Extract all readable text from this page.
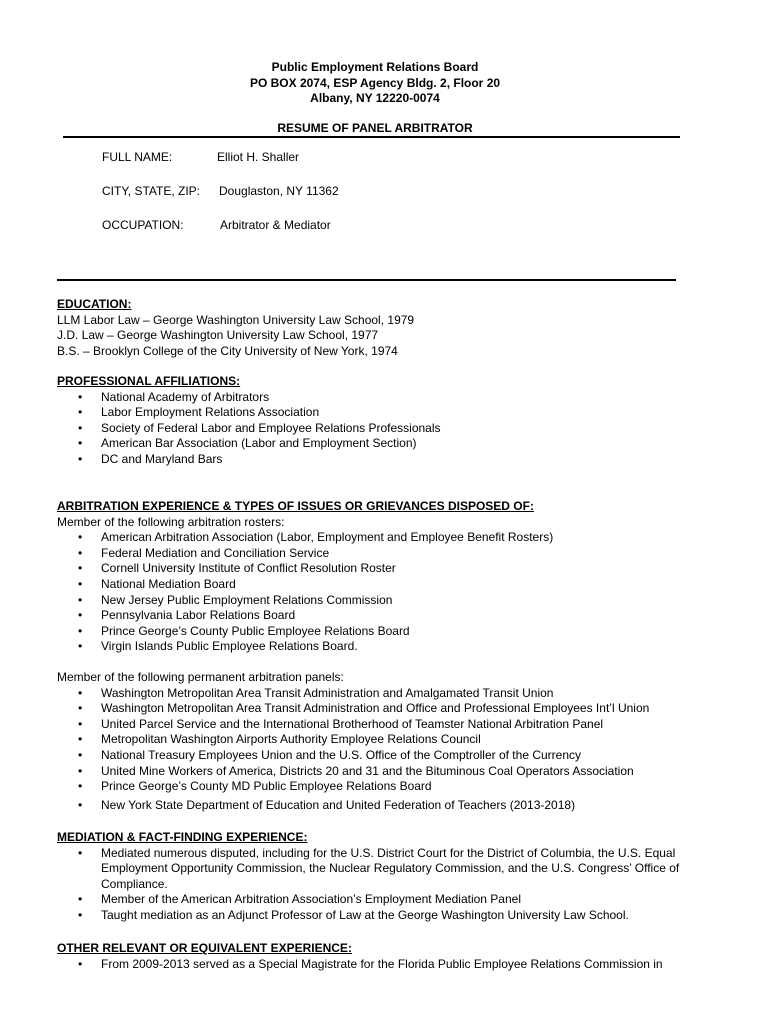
Public Employment Relations Board
PO BOX 2074, ESP Agency Bldg. 2, Floor 20
Albany, NY 12220-0074
RESUME OF PANEL ARBITRATOR
FULL NAME:	Elliot H. Shaller
CITY, STATE, ZIP: Douglaston, NY 11362
OCCUPATION:	Arbitrator & Mediator

EDUCATION:

LLM Labor Law – George Washington University Law School, 1979

J.D. Law – George Washington University Law School, 1977

B.S. – Brooklyn College of the City University of New York, 1974

PROFESSIONAL AFFILIATIONS:

• National Academy of Arbitrators
• Labor Employment Relations Association
• Society of Federal Labor and Employee Relations Professionals
• American Bar Association (Labor and Employment Section)
• DC and Maryland Bars

ARBITRATION EXPERIENCE & TYPES OF ISSUES OR GRIEVANCES DISPOSED OF:

Member of the following arbitration rosters:

• American Arbitration Association (Labor, Employment and Employee Benefit Rosters)
• Federal Mediation and Conciliation Service
• Cornell University Institute of Conflict Resolution Roster
• National Mediation Board
• New Jersey Public Employment Relations Commission
• Pennsylvania Labor Relations Board
• Prince George’s County Public Employee Relations Board
• Virgin Islands Public Employee Relations Board.

Member of the following permanent arbitration panels:

• Washington Metropolitan Area Transit Administration and Amalgamated Transit Union
• Washington Metropolitan Area Transit Administration and Office and Professional Employees Int’l Union
• United Parcel Service and the International Brotherhood of Teamster National Arbitration Panel
• Metropolitan Washington Airports Authority Employee Relations Council
• National Treasury Employees Union and the U.S. Office of the Comptroller of the Currency
• United Mine Workers of America, Districts 20 and 31 and the Bituminous Coal Operators Association
• Prince George’s County MD Public Employee Relations Board
• New York State Department of Education and United Federation of Teachers (2013-2018)

MEDIATION & FACT-FINDING EXPERIENCE:

• Mediated numerous disputed, including for the U.S. District Court for the District of Columbia, the U.S. Equal Employment Opportunity Commission, the Nuclear Regulatory Commission, and the U.S. Congress’ Office of Compliance.
• Member of the American Arbitration Association’s Employment Mediation Panel
• Taught mediation as an Adjunct Professor of Law at the George Washington University Law School.

OTHER RELEVANT OR EQUIVALENT EXPERIENCE:

• From 2009-2013 served as a Special Magistrate for the Florida Public Employee Relations Commission in
